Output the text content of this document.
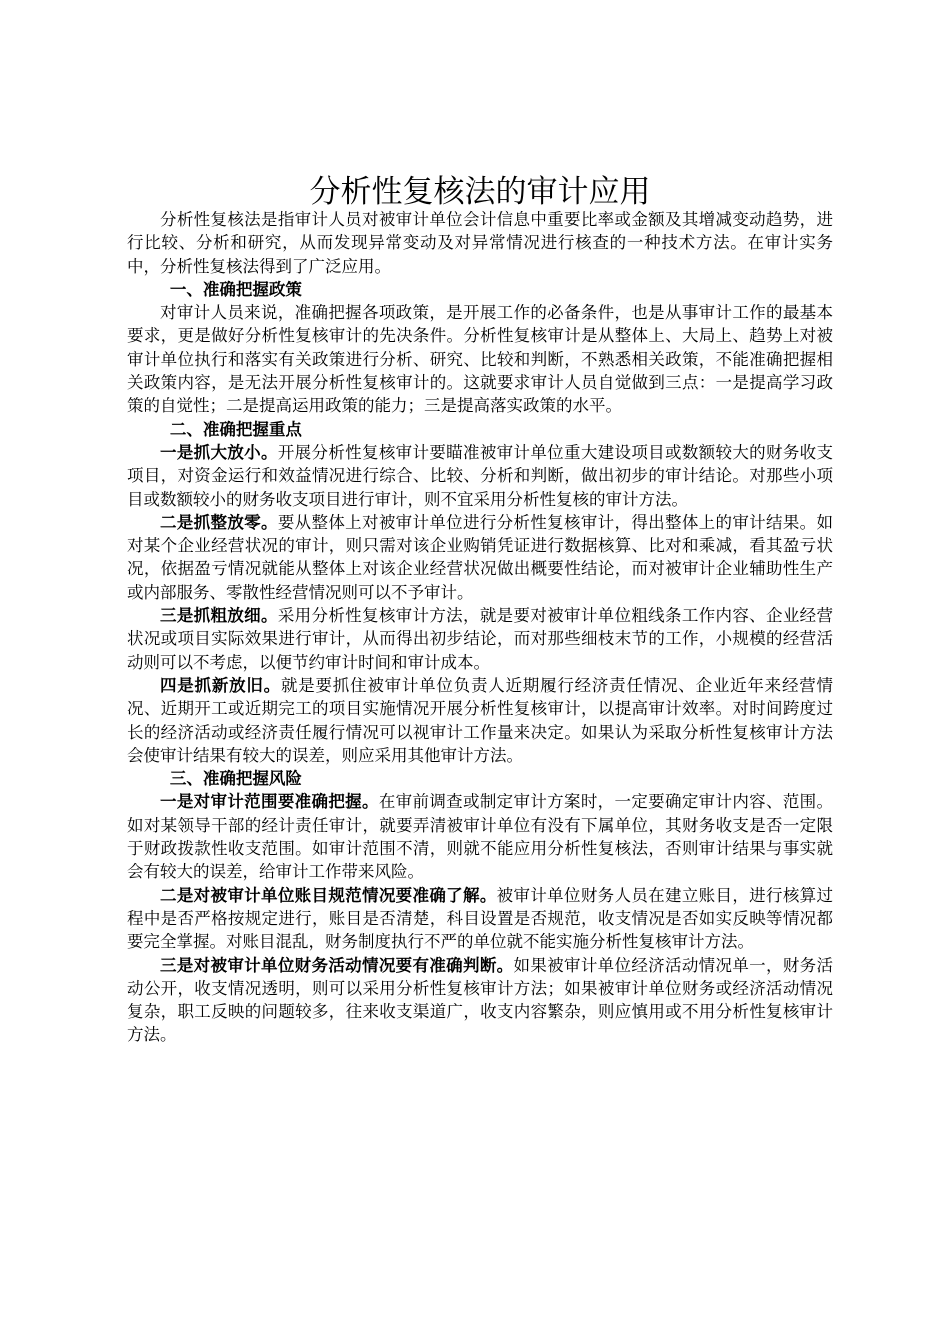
分析性复核法的审计应用

分析性复核法是指审计人员对被审计单位会计信息中重要比率或金额及其增减变动趋势，进行比较、分析和研究，从而发现异常变动及对异常情况进行核查的一种技术方法。在审计实务中，分析性复核法得到了广泛应用。

一、准确把握政策

对审计人员来说，准确把握各项政策，是开展工作的必备条件，也是从事审计工作的最基本要求，更是做好分析性复核审计的先决条件。分析性复核审计是从整体上、大局上、趋势上对被审计单位执行和落实有关政策进行分析、研究、比较和判断，不熟悉相关政策，不能准确把握相关政策内容，是无法开展分析性复核审计的。这就要求审计人员自觉做到三点：一是提高学习政策的自觉性；二是提高运用政策的能力；三是提高落实政策的水平。

二、准确把握重点

一是抓大放小。开展分析性复核审计要瞄准被审计单位重大建设项目或数额较大的财务收支项目，对资金运行和效益情况进行综合、比较、分析和判断，做出初步的审计结论。对那些小项目或数额较小的财务收支项目进行审计，则不宜采用分析性复核的审计方法。

二是抓整放零。要从整体上对被审计单位进行分析性复核审计，得出整体上的审计结果。如对某个企业经营状况的审计，则只需对该企业购销凭证进行数据核算、比对和乘减，看其盈亏状况，依据盈亏情况就能从整体上对该企业经营状况做出概要性结论，而对被审计企业辅助性生产或内部服务、零散性经营情况则可以不予审计。

三是抓粗放细。采用分析性复核审计方法，就是要对被审计单位粗线条工作内容、企业经营状况或项目实际效果进行审计，从而得出初步结论，而对那些细枝末节的工作，小规模的经营活动则可以不考虑，以便节约审计时间和审计成本。

四是抓新放旧。就是要抓住被审计单位负责人近期履行经济责任情况、企业近年来经营情况、近期开工或近期完工的项目实施情况开展分析性复核审计，以提高审计效率。对时间跨度过长的经济活动或经济责任履行情况可以视审计工作量来决定。如果认为采取分析性复核审计方法会使审计结果有较大的误差，则应采用其他审计方法。

三、准确把握风险

一是对审计范围要准确把握。在审前调查或制定审计方案时，一定要确定审计内容、范围。如对某领导干部的经计责任审计，就要弄清被审计单位有没有下属单位，其财务收支是否一定限于财政拨款性收支范围。如审计范围不清，则就不能应用分析性复核法，否则审计结果与事实就会有较大的误差，给审计工作带来风险。

二是对被审计单位账目规范情况要准确了解。被审计单位财务人员在建立账目，进行核算过程中是否严格按规定进行，账目是否清楚，科目设置是否规范，收支情况是否如实反映等情况都要完全掌握。对账目混乱，财务制度执行不严的单位就不能实施分析性复核审计方法。

三是对被审计单位财务活动情况要有准确判断。如果被审计单位经济活动情况单一，财务活动公开，收支情况透明，则可以采用分析性复核审计方法；如果被审计单位财务或经济活动情况复杂，职工反映的问题较多，往来收支渠道广，收支内容繁杂，则应慎用或不用分析性复核审计方法。
